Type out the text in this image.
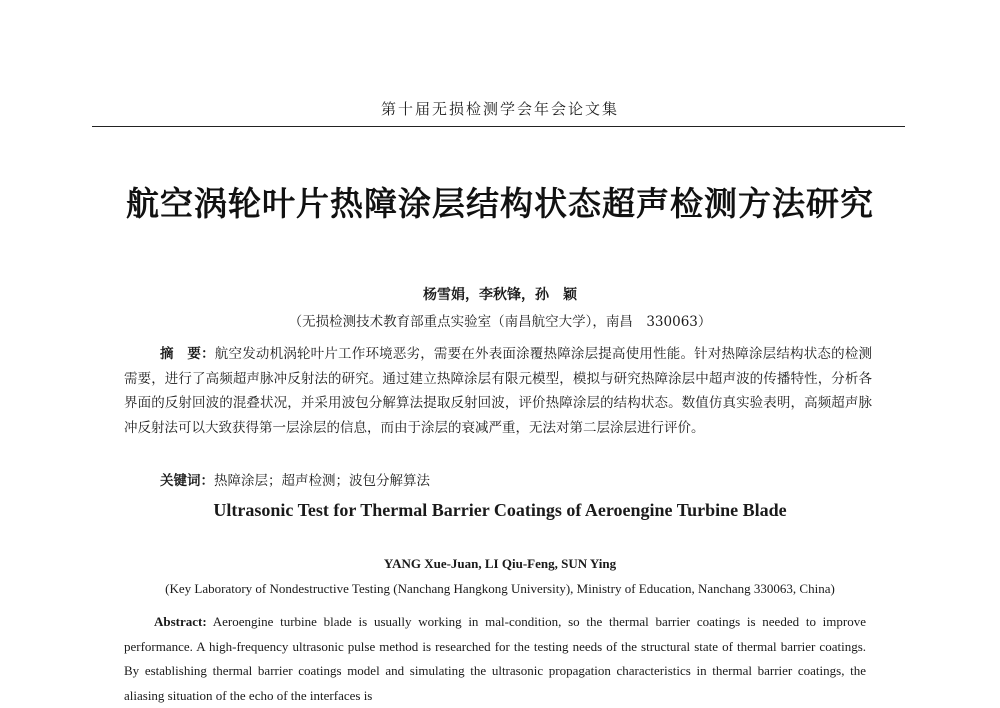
第十届无损检测学会年会论文集
航空涡轮叶片热障涂层结构状态超声检测方法研究
杨雪娟，李秋锋，孙　颖
（无损检测技术教育部重点实验室（南昌航空大学），南昌　330063）
摘　要：航空发动机涡轮叶片工作环境恶劣，需要在外表面涂覆热障涂层提高使用性能。针对热障涂层结构状态的检测需要，进行了高频超声脉冲反射法的研究。通过建立热障涂层有限元模型，模拟与研究热障涂层中超声波的传播特性，分析各界面的反射回波的混叠状况，并采用波包分解算法提取反射回波，评价热障涂层的结构状态。数值仿真实验表明，高频超声脉冲反射法可以大致获得第一层涂层的信息，而由于涂层的衰减严重，无法对第二层涂层进行评价。
关键词：热障涂层；超声检测；波包分解算法
Ultrasonic Test for Thermal Barrier Coatings of Aeroengine Turbine Blade
YANG Xue-Juan, LI Qiu-Feng, SUN Ying
(Key Laboratory of Nondestructive Testing (Nanchang Hangkong University), Ministry of Education, Nanchang 330063, China)
Abstract: Aeroengine turbine blade is usually working in mal-condition, so the thermal barrier coatings is needed to improve performance. A high-frequency ultrasonic pulse method is researched for the testing needs of the structural state of thermal barrier coatings. By establishing thermal barrier coatings model and simulating the ultrasonic propagation characteristics in thermal barrier coatings, the aliasing situation of the echo of the interfaces is
